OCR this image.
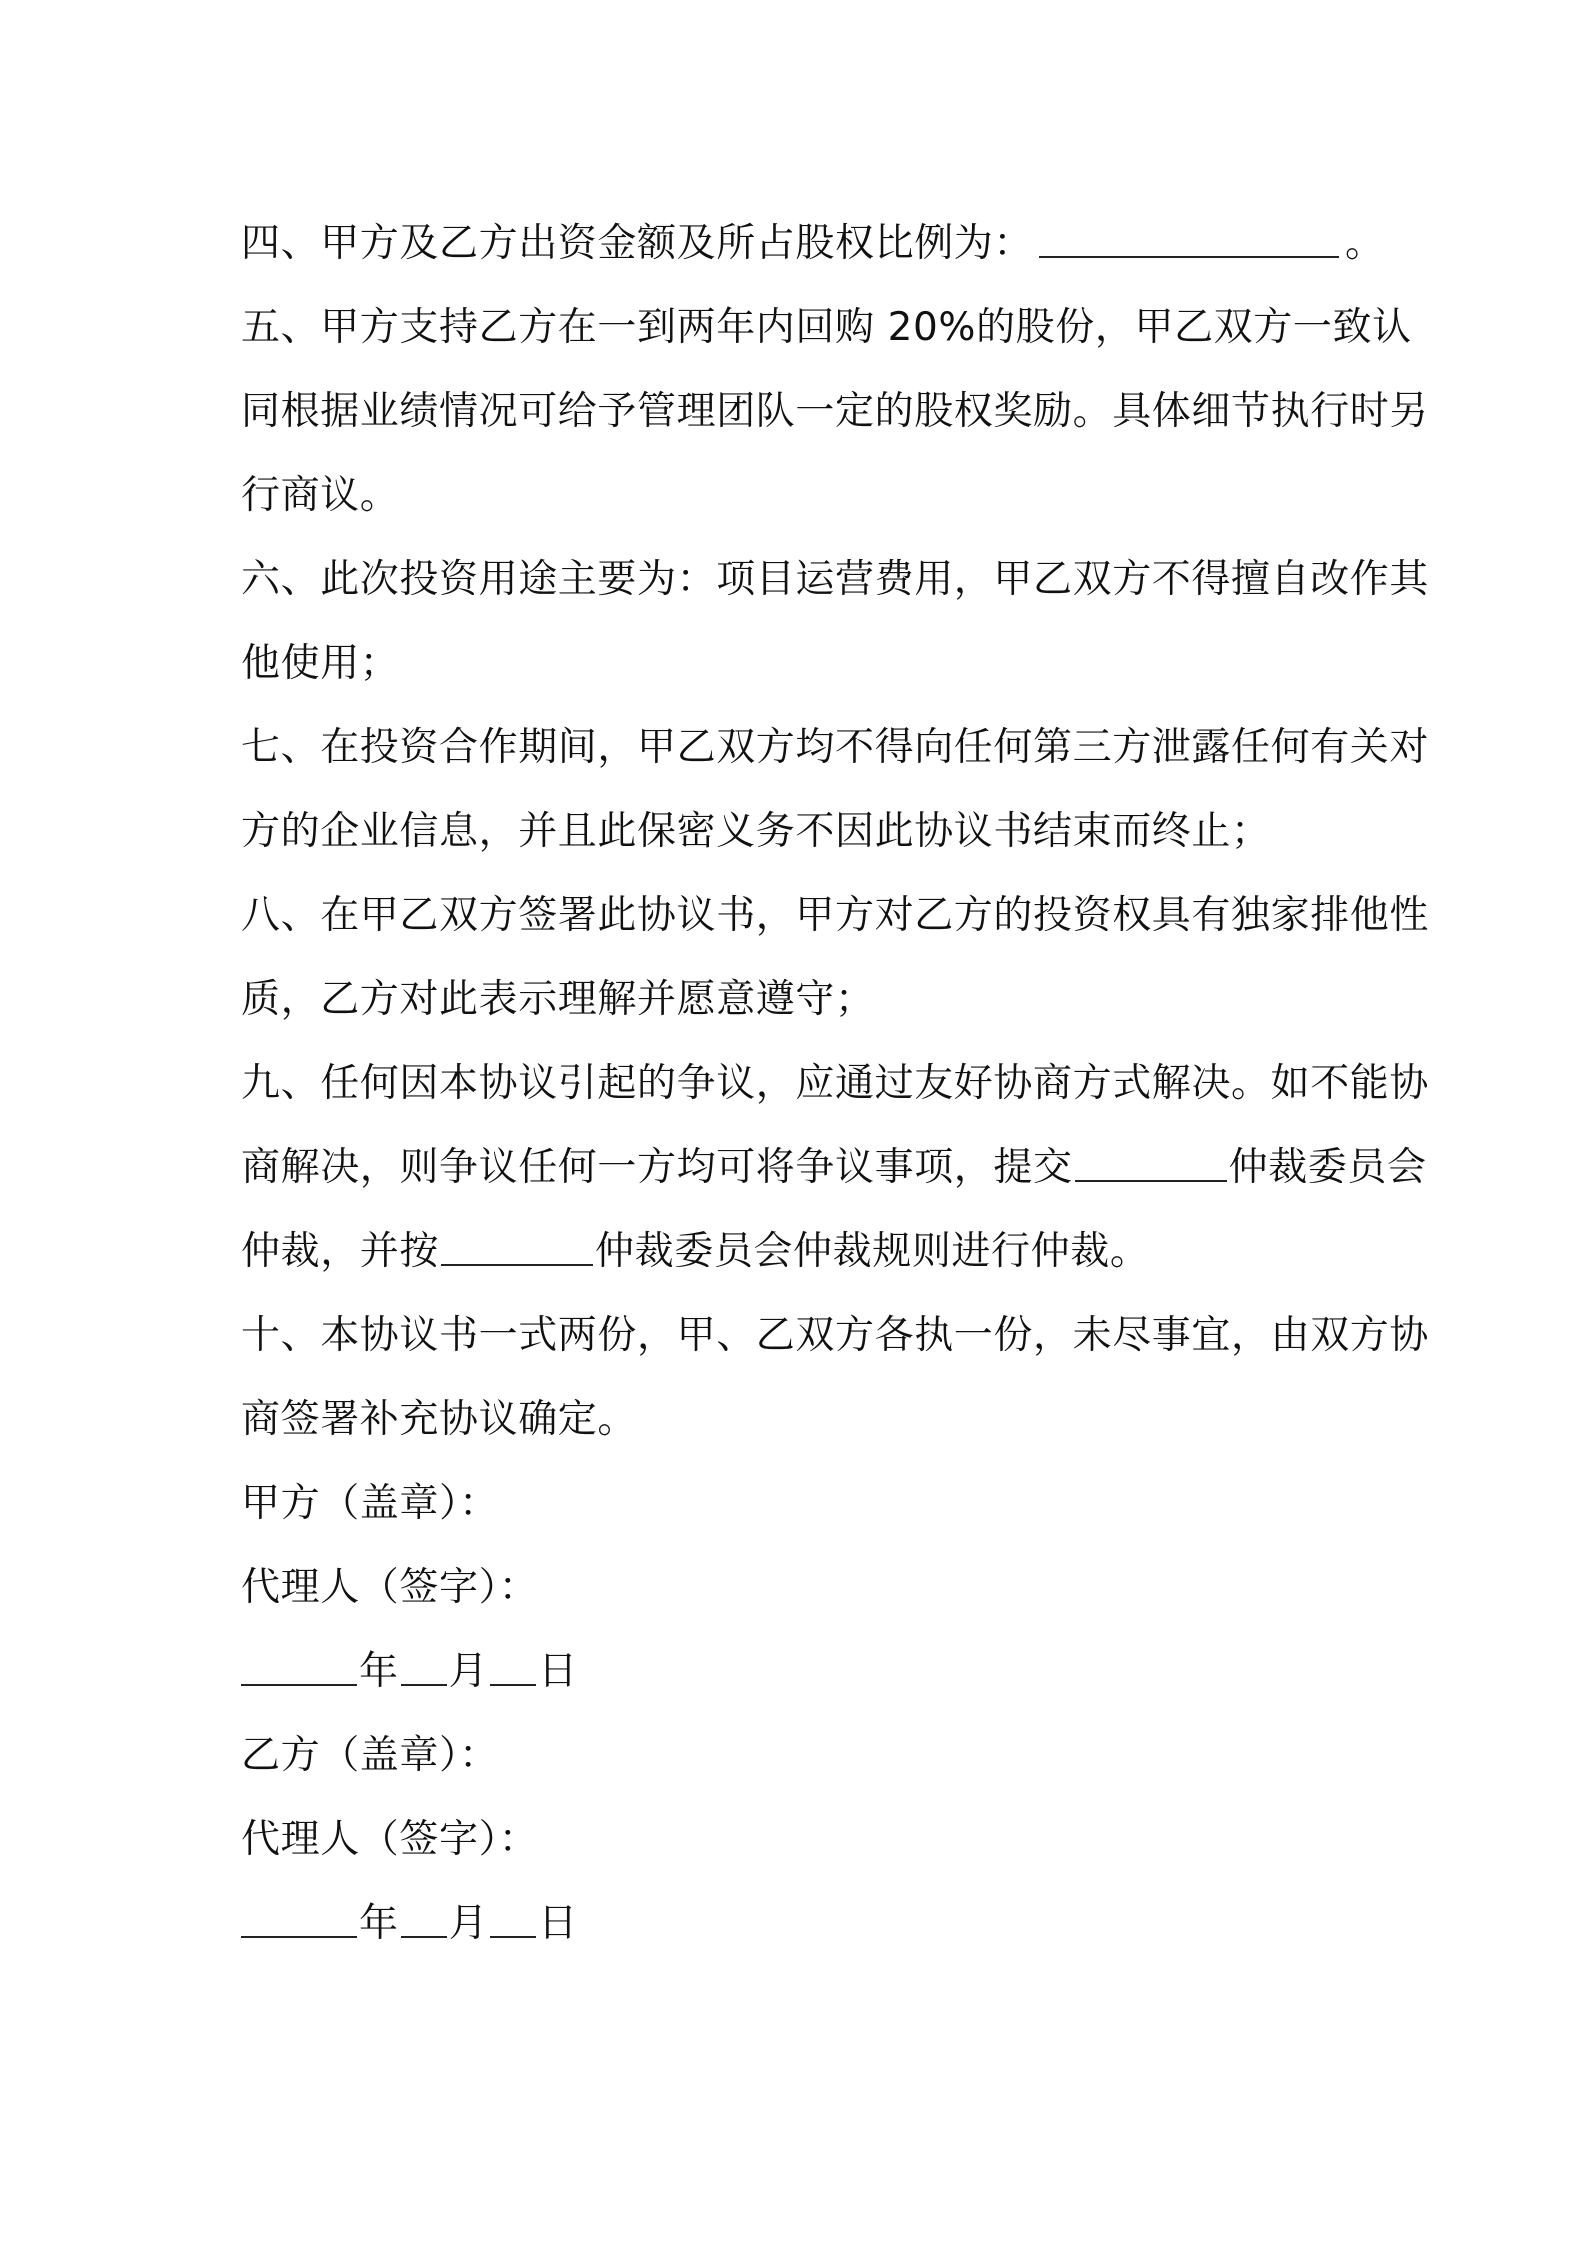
四、甲方及乙方出资金额及所占股权比例为：	。
五、甲方支持乙方在一到两年内回购 20%的股份，甲乙双方一致认
同根据业绩情况可给予管理团队一定的股权奖励。具体细节执行时另
行商议。
六、此次投资用途主要为：项目运营费用，甲乙双方不得擅自改作其
他使用；
七、在投资合作期间，甲乙双方均不得向任何第三方泄露任何有关对
方的企业信息，并且此保密义务不因此协议书结束而终止；
八、在甲乙双方签署此协议书，甲方对乙方的投资权具有独家排他性
质，乙方对此表示理解并愿意遵守；
九、任何因本协议引起的争议，应通过友好协商方式解决。如不能协
商解决，则争议任何一方均可将争议事项，提交	仲裁委员会
仲裁，并按	仲裁委员会仲裁规则进行仲裁。
十、本协议书一式两份，甲、乙双方各执一份，未尽事宜，由双方协
商签署补充协议确定。
甲方（盖章）：
代理人（签字）：
年 月 日
乙方（盖章）：
代理人（签字）：
年 月 日
